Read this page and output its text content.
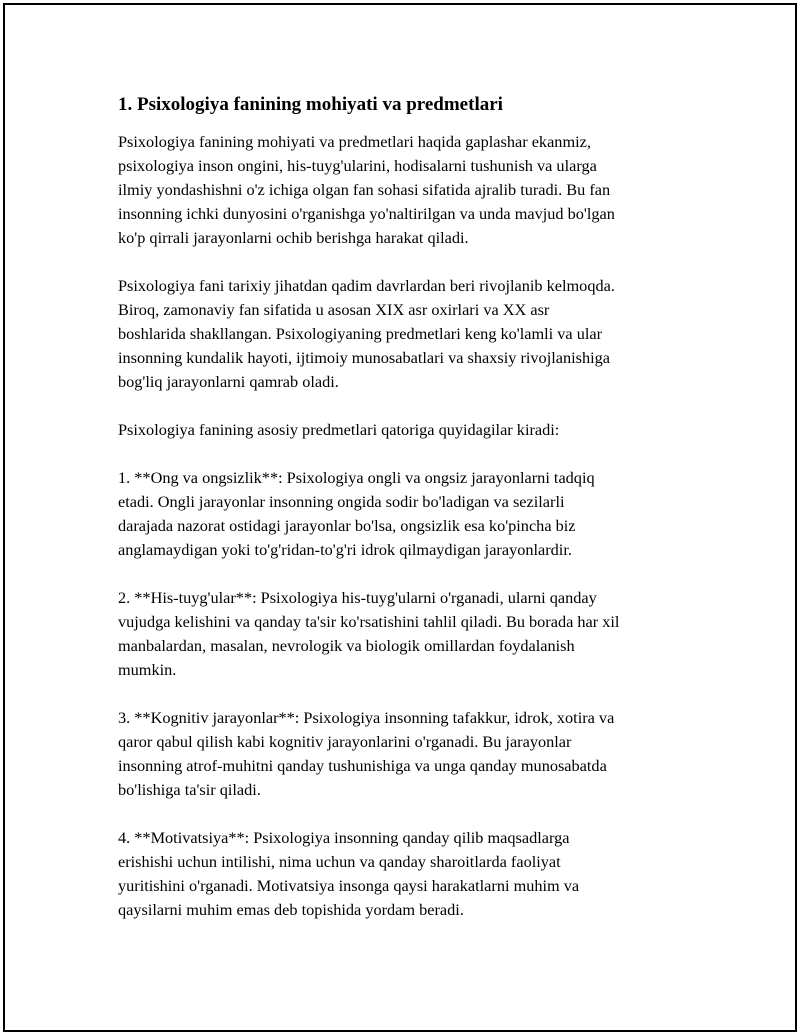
1. Psixologiya fanining mohiyati va predmetlari
Psixologiya fanining mohiyati va predmetlari haqida gaplashar ekanmiz,
psixologiya inson ongini, his-tuyg'ularini, hodisalarni tushunish va ularga
ilmiy yondashishni o'z ichiga olgan fan sohasi sifatida ajralib turadi. Bu fan
insonning ichki dunyosini o'rganishga yo'naltirilgan va unda mavjud bo'lgan
ko'p qirrali jarayonlarni ochib berishga harakat qiladi.
Psixologiya fani tarixiy jihatdan qadim davrlardan beri rivojlanib kelmoqda.
Biroq, zamonaviy fan sifatida u asosan XIX asr oxirlari va XX asr
boshlarida shakllangan. Psixologiyaning predmetlari keng ko'lamli va ular
insonning kundalik hayoti, ijtimoiy munosabatlari va shaxsiy rivojlanishiga
bog'liq jarayonlarni qamrab oladi.
Psixologiya fanining asosiy predmetlari qatoriga quyidagilar kiradi:
1. **Ong va ongsizlik**: Psixologiya ongli va ongsiz jarayonlarni tadqiq
etadi. Ongli jarayonlar insonning ongida sodir bo'ladigan va sezilarli
darajada nazorat ostidagi jarayonlar bo'lsa, ongsizlik esa ko'pincha biz
anglamaydigan yoki to'g'ridan-to'g'ri idrok qilmaydigan jarayonlardir.
2. **His-tuyg'ular**: Psixologiya his-tuyg'ularni o'rganadi, ularni qanday
vujudga kelishini va qanday ta'sir ko'rsatishini tahlil qiladi. Bu borada har xil
manbalardan, masalan, nevrologik va biologik omillardan foydalanish
mumkin.
3. **Kognitiv jarayonlar**: Psixologiya insonning tafakkur, idrok, xotira va
qaror qabul qilish kabi kognitiv jarayonlarini o'rganadi. Bu jarayonlar
insonning atrof-muhitni qanday tushunishiga va unga qanday munosabatda
bo'lishiga ta'sir qiladi.
4. **Motivatsiya**: Psixologiya insonning qanday qilib maqsadlarga
erishishi uchun intilishi, nima uchun va qanday sharoitlarda faoliyat
yuritishini o'rganadi. Motivatsiya insonga qaysi harakatlarni muhim va
qaysilarni muhim emas deb topishida yordam beradi.
